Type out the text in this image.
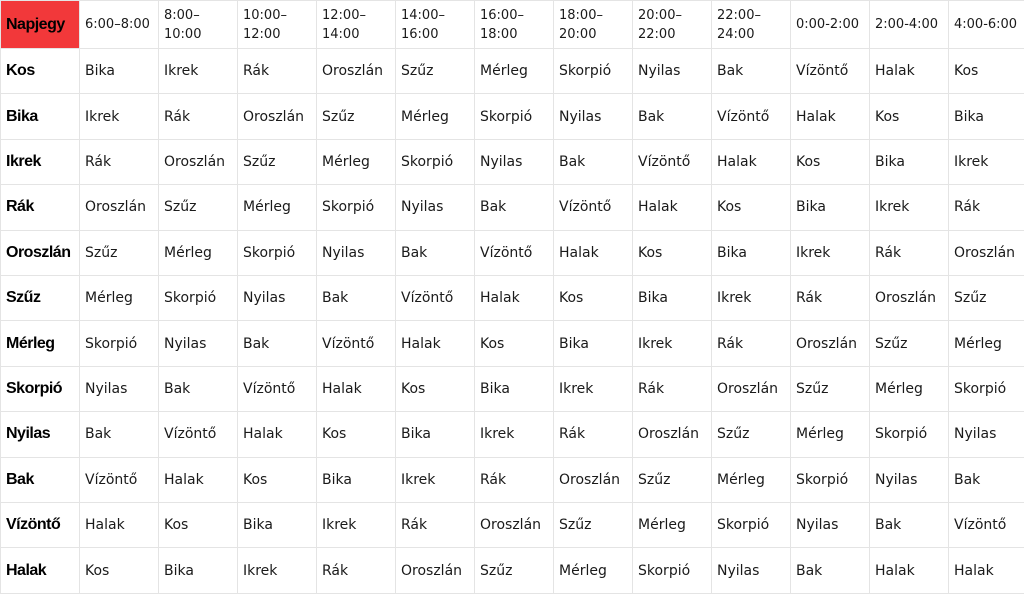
Napjegy	6:00–8:00	8:00–10:00	10:00–12:00	12:00–14:00	14:00–16:00	16:00–18:00	18:00–20:00	20:00–22:00	22:00–24:00	0:00-2:00	2:00-4:00	4:00-6:00
Kos	Bika	Ikrek	Rák	Oroszlán	Szűz	Mérleg	Skorpió	Nyilas	Bak	Vízöntő	Halak	Kos
Bika	Ikrek	Rák	Oroszlán	Szűz	Mérleg	Skorpió	Nyilas	Bak	Vízöntő	Halak	Kos	Bika
Ikrek	Rák	Oroszlán	Szűz	Mérleg	Skorpió	Nyilas	Bak	Vízöntő	Halak	Kos	Bika	Ikrek
Rák	Oroszlán	Szűz	Mérleg	Skorpió	Nyilas	Bak	Vízöntő	Halak	Kos	Bika	Ikrek	Rák
Oroszlán	Szűz	Mérleg	Skorpió	Nyilas	Bak	Vízöntő	Halak	Kos	Bika	Ikrek	Rák	Oroszlán
Szűz	Mérleg	Skorpió	Nyilas	Bak	Vízöntő	Halak	Kos	Bika	Ikrek	Rák	Oroszlán	Szűz
Mérleg	Skorpió	Nyilas	Bak	Vízöntő	Halak	Kos	Bika	Ikrek	Rák	Oroszlán	Szűz	Mérleg
Skorpió	Nyilas	Bak	Vízöntő	Halak	Kos	Bika	Ikrek	Rák	Oroszlán	Szűz	Mérleg	Skorpió
Nyilas	Bak	Vízöntő	Halak	Kos	Bika	Ikrek	Rák	Oroszlán	Szűz	Mérleg	Skorpió	Nyilas
Bak	Vízöntő	Halak	Kos	Bika	Ikrek	Rák	Oroszlán	Szűz	Mérleg	Skorpió	Nyilas	Bak
Vízöntő	Halak	Kos	Bika	Ikrek	Rák	Oroszlán	Szűz	Mérleg	Skorpió	Nyilas	Bak	Vízöntő
Halak	Kos	Bika	Ikrek	Rák	Oroszlán	Szűz	Mérleg	Skorpió	Nyilas	Bak	Halak	Halak
